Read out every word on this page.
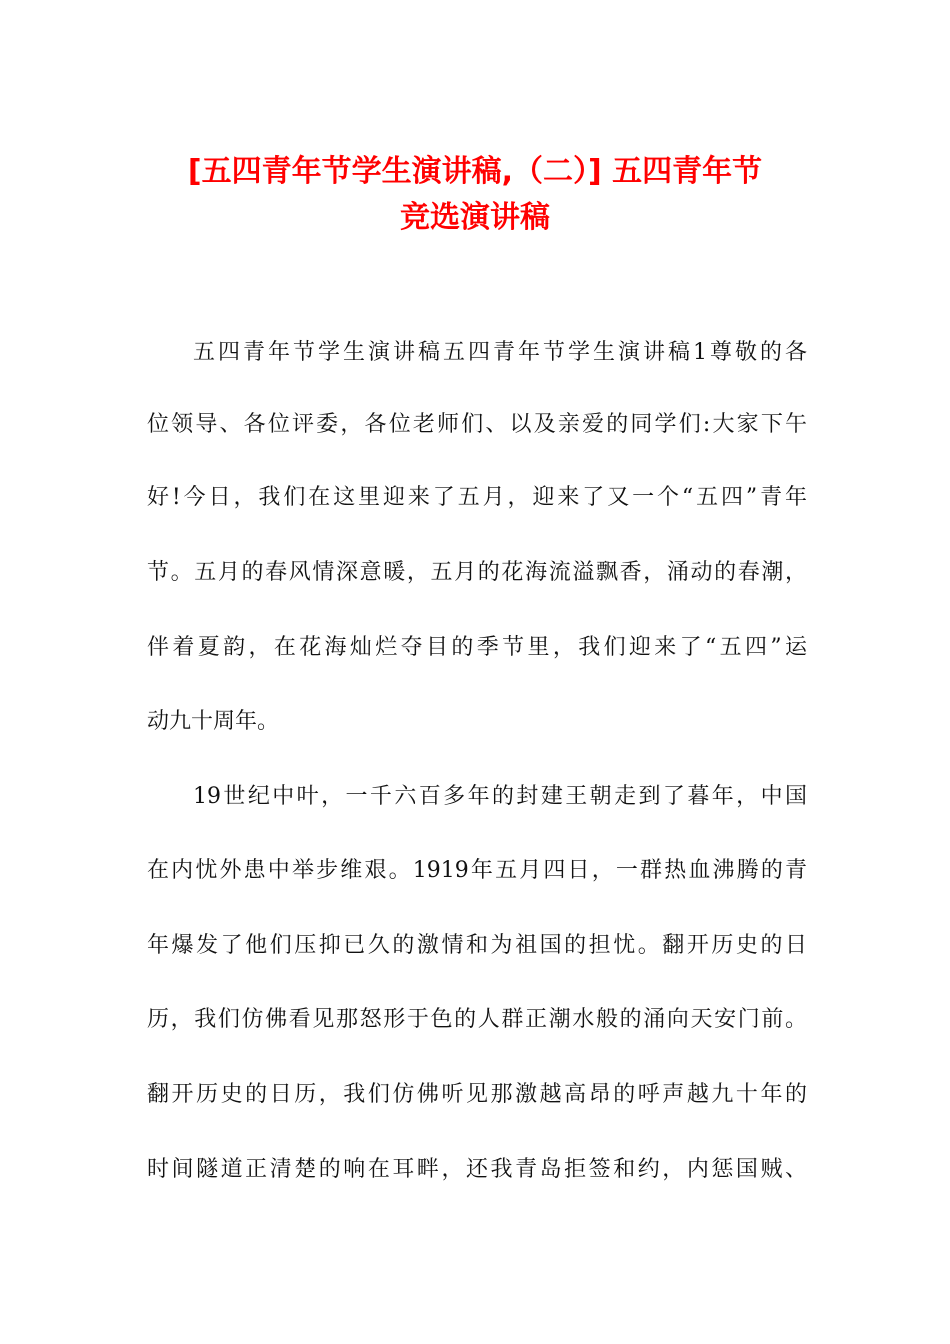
[五四青年节学生演讲稿,（二）] 五四青年节
竞选演讲稿

五四青年节学生演讲稿五四青年节学生演讲稿1尊敬的各

位领导、各位评委，各位老师们、以及亲爱的同学们:大家下午

好!今日，我们在这里迎来了五月，迎来了又一个“五四”青年

节。五月的春风情深意暖，五月的花海流溢飘香，涌动的春潮，

伴着夏韵，在花海灿烂夺目的季节里，我们迎来了“五四”运

动九十周年。

19世纪中叶，一千六百多年的封建王朝走到了暮年，中国

在内忧外患中举步维艰。1919年五月四日，一群热血沸腾的青

年爆发了他们压抑已久的激情和为祖国的担忧。翻开历史的日

历，我们仿佛看见那怒形于色的人群正潮水般的涌向天安门前。

翻开历史的日历，我们仿佛听见那激越高昂的呼声越九十年的

时间隧道正清楚的响在耳畔，还我青岛拒签和约，内惩国贼、
